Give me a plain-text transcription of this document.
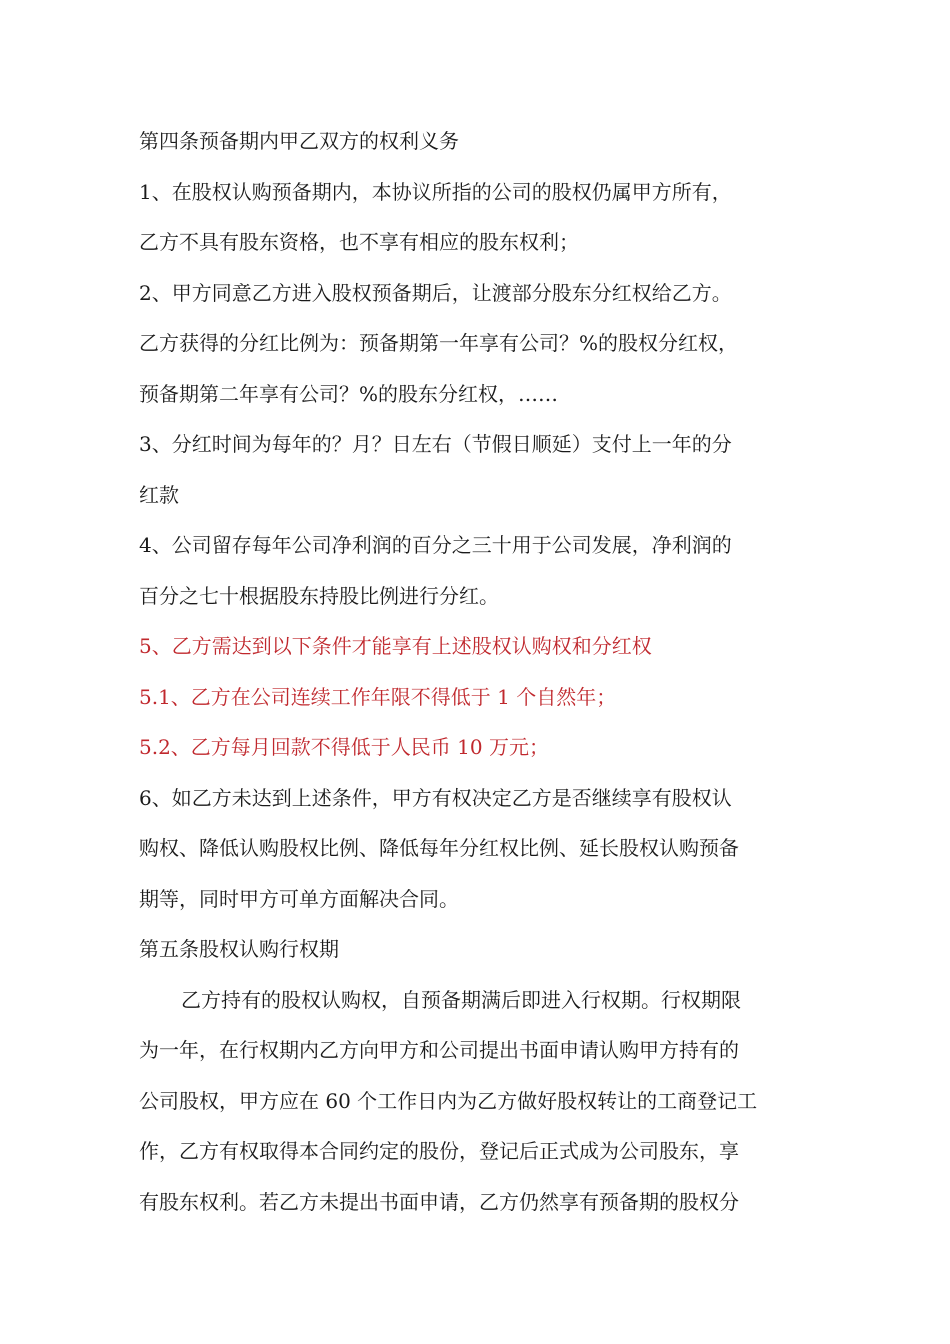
第四条预备期内甲乙双方的权利义务
1、在股权认购预备期内，本协议所指的公司的股权仍属甲方所有，
乙方不具有股东资格，也不享有相应的股东权利；
2、甲方同意乙方进入股权预备期后，让渡部分股东分红权给乙方。
乙方获得的分红比例为：预备期第一年享有公司？%的股权分红权，
预备期第二年享有公司？%的股东分红权，……
3、分红时间为每年的？月？日左右（节假日顺延）支付上一年的分
红款
4、公司留存每年公司净利润的百分之三十用于公司发展，净利润的
百分之七十根据股东持股比例进行分红。
5、乙方需达到以下条件才能享有上述股权认购权和分红权
5.1、乙方在公司连续工作年限不得低于 1 个自然年；
5.2、乙方每月回款不得低于人民币 10 万元；
6、如乙方未达到上述条件，甲方有权决定乙方是否继续享有股权认
购权、降低认购股权比例、降低每年分红权比例、延长股权认购预备
期等，同时甲方可单方面解决合同。
第五条股权认购行权期
乙方持有的股权认购权，自预备期满后即进入行权期。行权期限
为一年，在行权期内乙方向甲方和公司提出书面申请认购甲方持有的
公司股权，甲方应在 60 个工作日内为乙方做好股权转让的工商登记工
作，乙方有权取得本合同约定的股份，登记后正式成为公司股东，享
有股东权利。若乙方未提出书面申请，乙方仍然享有预备期的股权分
